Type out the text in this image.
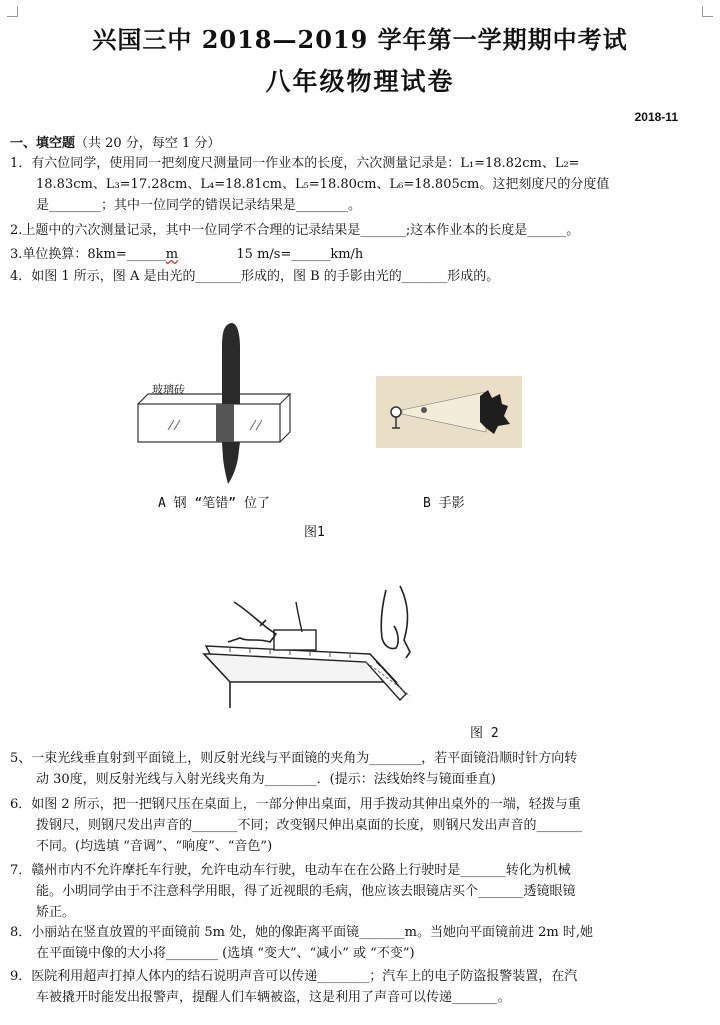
兴国三中 2018—2019 学年第一学期期中考试
八年级物理试卷
2018-11
一、填空题（共 20 分，每空 1 分）
1．有六位同学，使用同一把刻度尺测量同一作业本的长度，六次测量记录是：L₁=18.82cm、L₂=
18.83cm、L₃=17.28cm、L₄=18.81cm、L₅=18.80cm、L₆=18.805cm。这把刻度尺的分度值
是________；其中一位同学的错误记录结果是________。
2.上题中的六次测量记录，其中一位同学不合理的记录结果是_______;这本作业本的长度是______。
3.单位换算：8km=______m	15 m/s=______km/h
4．如图 1 所示，图 A 是由光的_______形成的，图 B 的手影由光的_______形成的。
玻璃砖
A 钢 “笔错” 位了	B 手影
图1
图 2
5、一束光线垂直射到平面镜上，则反射光线与平面镜的夹角为________，若平面镜沿顺时针方向转
动 30度，则反射光线与入射光线夹角为________．(提示：法线始终与镜面垂直)
6．如图 2 所示，把一把钢尺压在桌面上，一部分伸出桌面，用手拨动其伸出桌外的一端，轻拨与重
拨钢尺，则钢尺发出声音的_______不同；改变钢尺伸出桌面的长度，则钢尺发出声音的_______
不同。(均选填 “音调”、“响度”、“音色”)
7．赣州市内不允许摩托车行驶，允许电动车行驶，电动车在在公路上行驶时是_______转化为机械
能。小明同学由于不注意科学用眼，得了近视眼的毛病，他应该去眼镜店买个_______透镜眼镜
矫正。
8．小丽站在竖直放置的平面镜前 5m 处，她的像距离平面镜_______m。当她向平面镜前进 2m 时,她
在平面镜中像的大小将________ (选填 “变大”、“减小” 或 “不变”)
9．医院利用超声打掉人体内的结石说明声音可以传递________；汽车上的电子防盗报警装置，在汽
车被撬开时能发出报警声，提醒人们车辆被盗，这是利用了声音可以传递_______。
